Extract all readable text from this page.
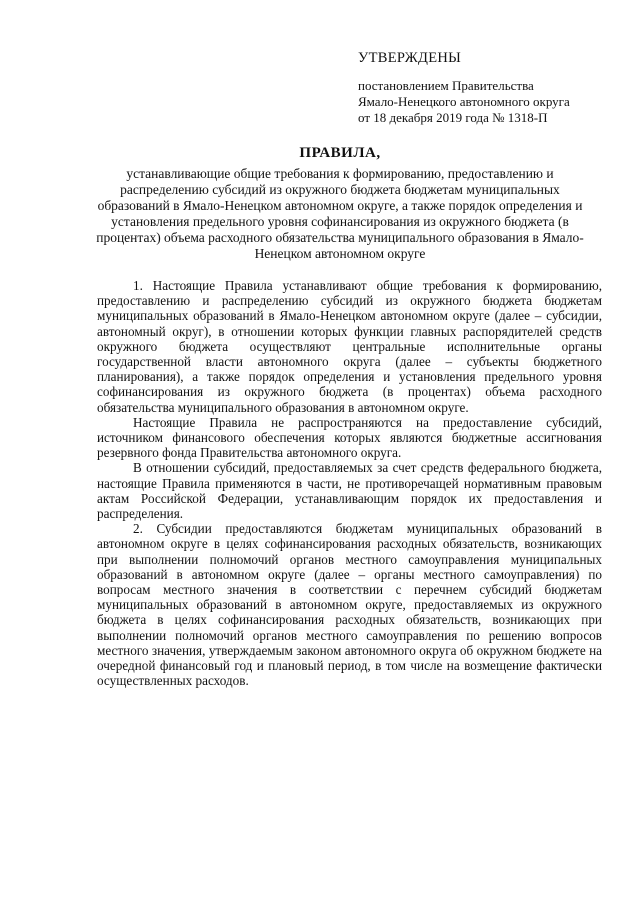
УТВЕРЖДЕНЫ
постановлением Правительства
Ямало-Ненецкого автономного округа
от 18 декабря 2019 года № 1318-П
ПРАВИЛА,
устанавливающие общие требования к формированию, предоставлению и распределению субсидий из окружного бюджета бюджетам муниципальных образований в Ямало-Ненецком автономном округе, а также порядок определения и установления предельного уровня софинансирования из окружного бюджета (в процентах) объема расходного обязательства муниципального образования в Ямало-Ненецком автономном округе

1. Настоящие Правила устанавливают общие требования к формированию, предоставлению и распределению субсидий из окружного бюджета бюджетам муниципальных образований в Ямало-Ненецком автономном округе (далее – субсидии, автономный округ), в отношении которых функции главных распорядителей средств окружного бюджета осуществляют центральные исполнительные органы государственной власти автономного округа (далее – субъекты бюджетного планирования), а также порядок определения и установления предельного уровня софинансирования из окружного бюджета (в процентах) объема расходного обязательства муниципального образования в автономном округе.

Настоящие Правила не распространяются на предоставление субсидий, источником финансового обеспечения которых являются бюджетные ассигнования резервного фонда Правительства автономного округа.

В отношении субсидий, предоставляемых за счет средств федерального бюджета, настоящие Правила применяются в части, не противоречащей нормативным правовым актам Российской Федерации, устанавливающим порядок их предоставления и распределения.

2. Субсидии предоставляются бюджетам муниципальных образований в автономном округе в целях софинансирования расходных обязательств, возникающих при выполнении полномочий органов местного самоуправления муниципальных образований в автономном округе (далее – органы местного самоуправления) по вопросам местного значения в соответствии с перечнем субсидий бюджетам муниципальных образований в автономном округе, предоставляемых из окружного бюджета в целях софинансирования расходных обязательств, возникающих при выполнении полномочий органов местного самоуправления по решению вопросов местного значения, утверждаемым законом автономного округа об окружном бюджете на очередной финансовый год и плановый период, в том числе на возмещение фактически осуществленных расходов.
